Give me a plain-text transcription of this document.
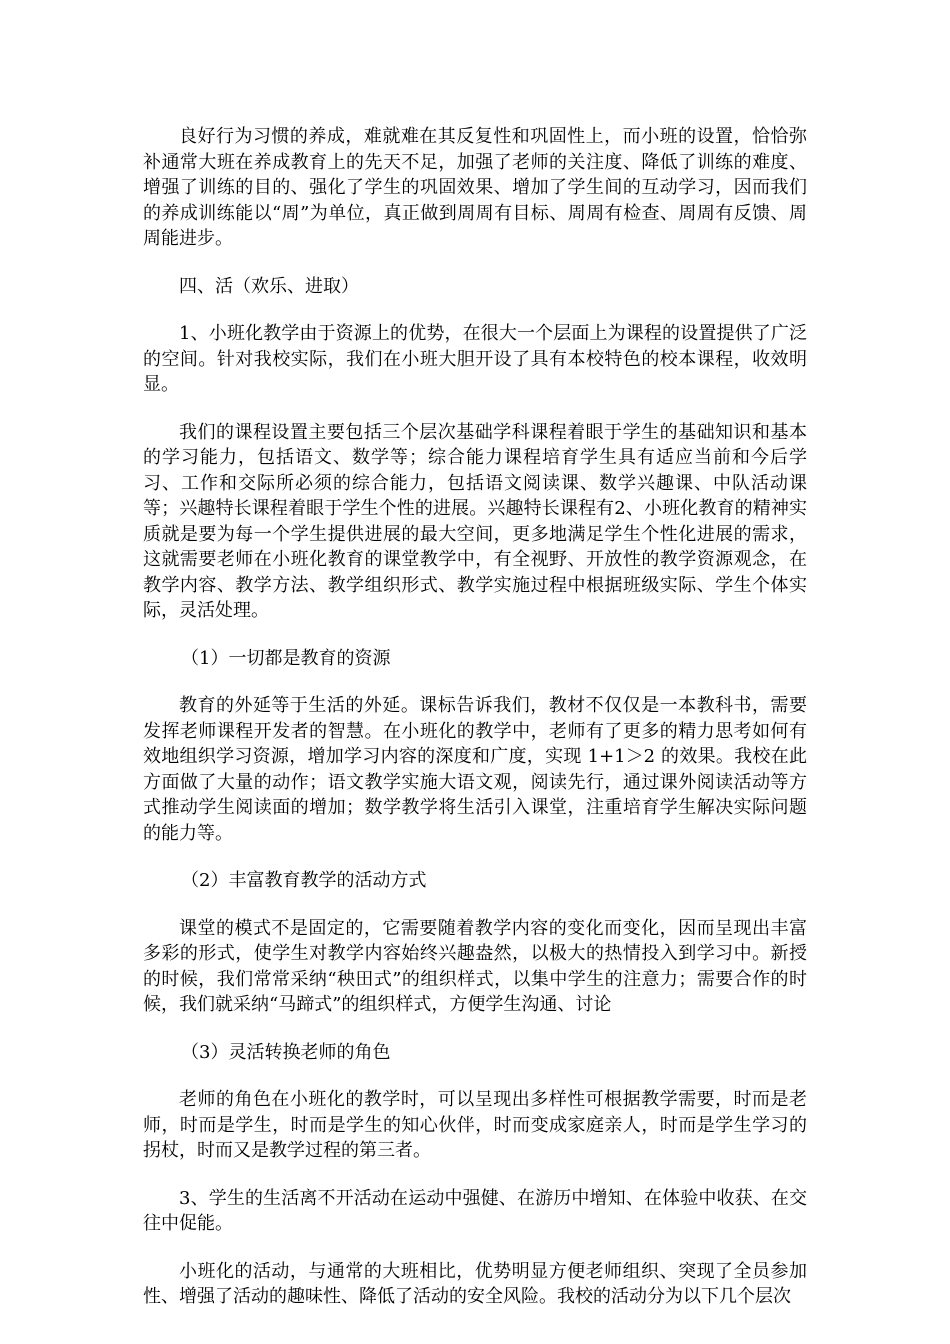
良好行为习惯的养成，难就难在其反复性和巩固性上，而小班的设置，恰恰弥补通常大班在养成教育上的先天不足，加强了老师的关注度、降低了训练的难度、增强了训练的目的、强化了学生的巩固效果、增加了学生间的互动学习，因而我们的养成训练能以“周”为单位，真正做到周周有目标、周周有检查、周周有反馈、周周能进步。

四、活（欢乐、进取）

1、小班化教学由于资源上的优势，在很大一个层面上为课程的设置提供了广泛的空间。针对我校实际，我们在小班大胆开设了具有本校特色的校本课程，收效明显。

我们的课程设置主要包括三个层次基础学科课程着眼于学生的基础知识和基本的学习能力，包括语文、数学等；综合能力课程培育学生具有适应当前和今后学习、工作和交际所必须的综合能力，包括语文阅读课、数学兴趣课、中队活动课等；兴趣特长课程着眼于学生个性的进展。兴趣特长课程有2、小班化教育的精神实质就是要为每一个学生提供进展的最大空间，更多地满足学生个性化进展的需求，这就需要老师在小班化教育的课堂教学中，有全视野、开放性的教学资源观念，在教学内容、教学方法、教学组织形式、教学实施过程中根据班级实际、学生个体实际，灵活处理。

（1）一切都是教育的资源

教育的外延等于生活的外延。课标告诉我们，教材不仅仅是一本教科书，需要发挥老师课程开发者的智慧。在小班化的教学中，老师有了更多的精力思考如何有效地组织学习资源，增加学习内容的深度和广度，实现 1+1＞2 的效果。我校在此方面做了大量的动作；语文教学实施大语文观，阅读先行，通过课外阅读活动等方式推动学生阅读面的增加；数学教学将生活引入课堂，注重培育学生解决实际问题的能力等。

（2）丰富教育教学的活动方式

课堂的模式不是固定的，它需要随着教学内容的变化而变化，因而呈现出丰富多彩的形式，使学生对教学内容始终兴趣盎然，以极大的热情投入到学习中。新授的时候，我们常常采纳“秧田式”的组织样式，以集中学生的注意力；需要合作的时候，我们就采纳“马蹄式”的组织样式，方便学生沟通、讨论

（3）灵活转换老师的角色

老师的角色在小班化的教学时，可以呈现出多样性可根据教学需要，时而是老师，时而是学生，时而是学生的知心伙伴，时而变成家庭亲人，时而是学生学习的拐杖，时而又是教学过程的第三者。

3、学生的生活离不开活动在运动中强健、在游历中增知、在体验中收获、在交往中促能。

小班化的活动，与通常的大班相比，优势明显方便老师组织、突现了全员参加性、增强了活动的趣味性、降低了活动的安全风险。我校的活动分为以下几个层次
